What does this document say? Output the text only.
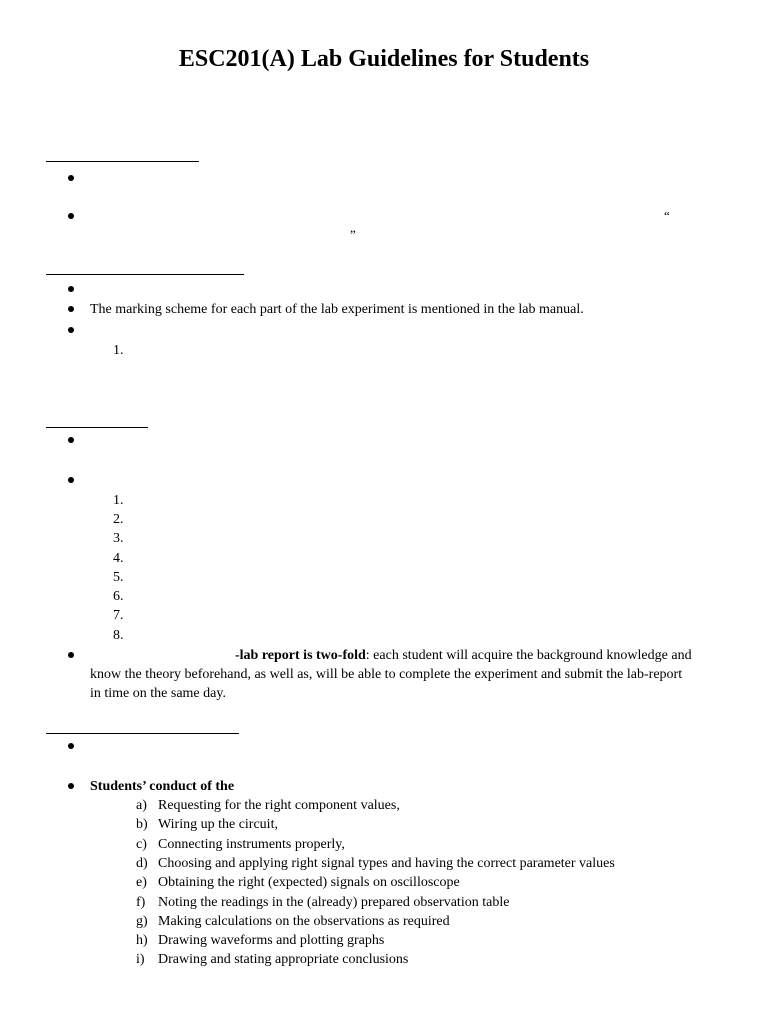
ESC201(A) Lab Guidelines for Students
“
”
The marking scheme for each part of the lab experiment is mentioned in the lab manual.
1.
1.
2.
3.
4.
5.
6.
7.
8.
-lab report is two-fold: each student will acquire the background knowledge and
know the theory beforehand, as well as, will be able to complete the experiment and submit the lab-report
in time on the same day.
Students’ conduct of the
a) Requesting for the right component values,
b) Wiring up the circuit,
c) Connecting instruments properly,
d) Choosing and applying right signal types and having the correct parameter values
e) Obtaining the right (expected) signals on oscilloscope
f) Noting the readings in the (already) prepared observation table
g) Making calculations on the observations as required
h) Drawing waveforms and plotting graphs
i) Drawing and stating appropriate conclusions
